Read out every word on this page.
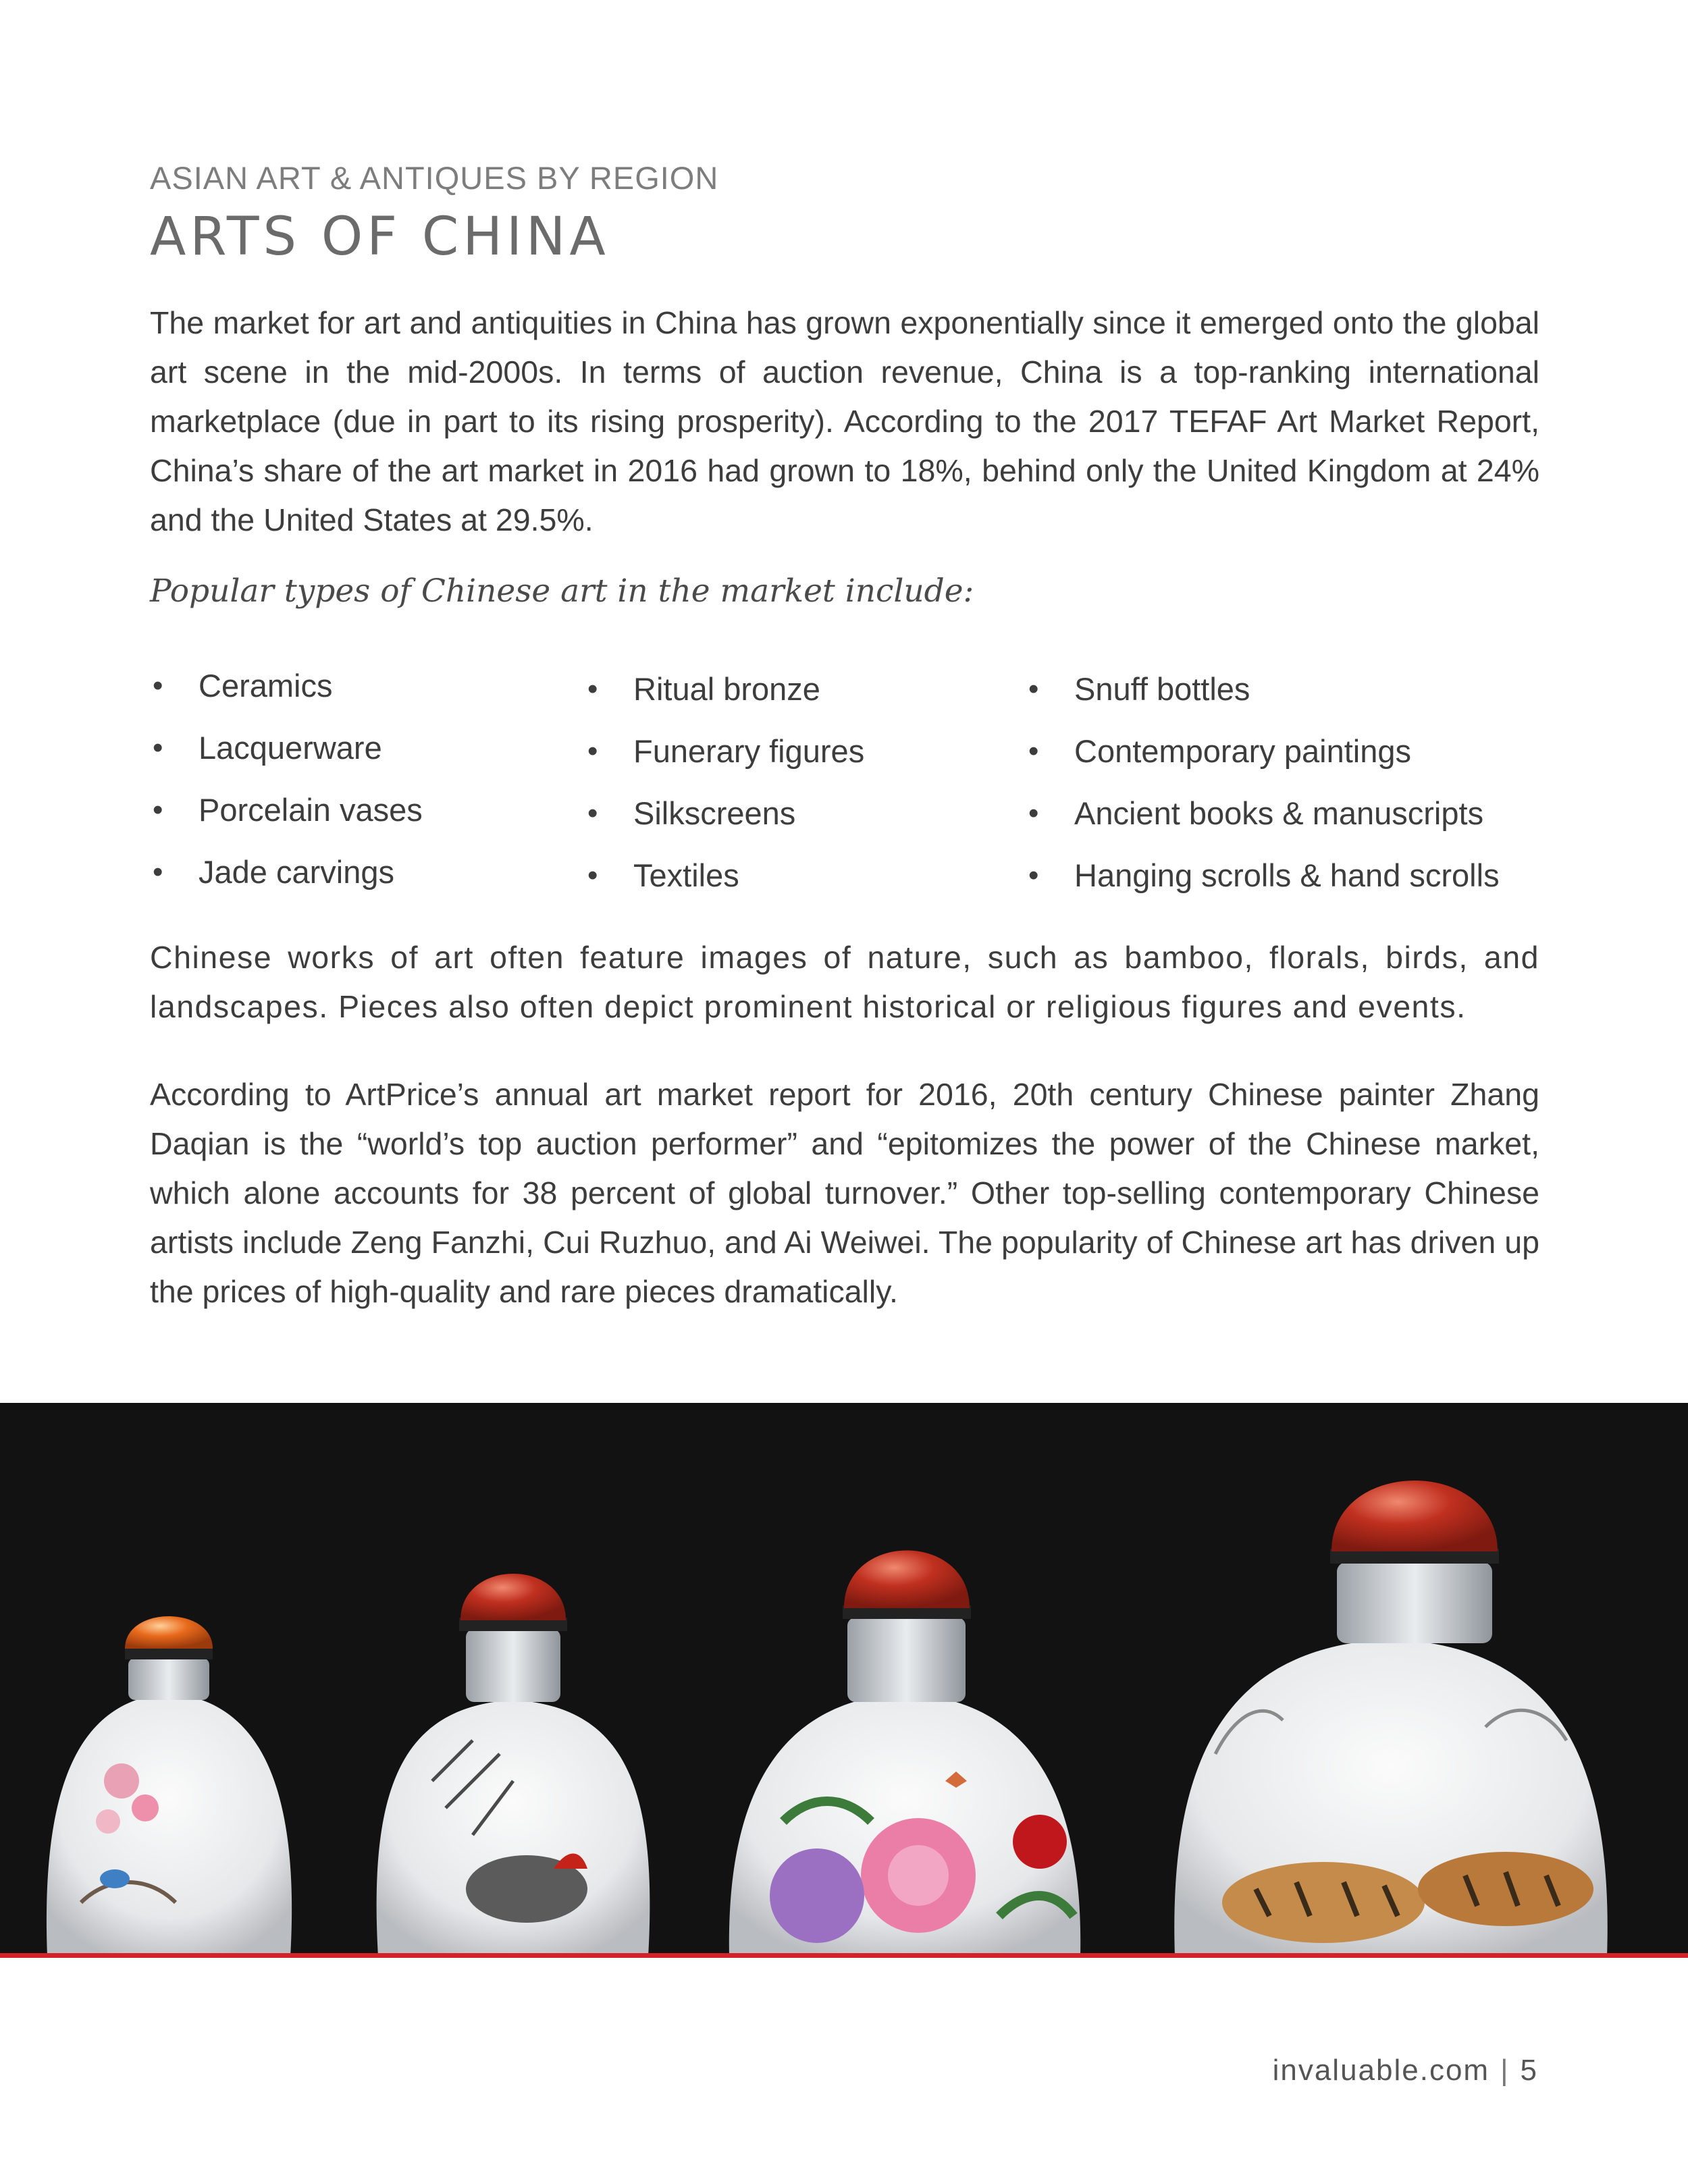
ASIAN ART & ANTIQUES BY REGION
ARTS OF CHINA

The market for art and antiquities in China has grown exponentially since it emerged onto the global art scene in the mid-2000s. In terms of auction revenue, China is a top-ranking international marketplace (due in part to its rising prosperity). According to the 2017 TEFAF Art Market Report, China’s share of the art market in 2016 had grown to 18%, behind only the United Kingdom at 24% and the United States at 29.5%.

Popular types of Chinese art in the market include:
• Ceramics
• Lacquerware
• Porcelain vases
• Jade carvings
• Ritual bronze
• Funerary figures
• Silkscreens
• Textiles
• Snuff bottles
• Contemporary paintings
• Ancient books & manuscripts
• Hanging scrolls & hand scrolls

Chinese works of art often feature images of nature, such as bamboo, florals, birds, and landscapes. Pieces also often depict prominent historical or religious figures and events.

According to ArtPrice’s annual art market report for 2016, 20th century Chinese painter Zhang Daqian is the “world’s top auction performer” and “epitomizes the power of the Chinese market, which alone accounts for 38 percent of global turnover.” Other top-selling contemporary Chinese artists include Zeng Fanzhi, Cui Ruzhuo, and Ai Weiwei. The popularity of Chinese art has driven up the prices of high-quality and rare pieces dramatically.

invaluable.com | 5
